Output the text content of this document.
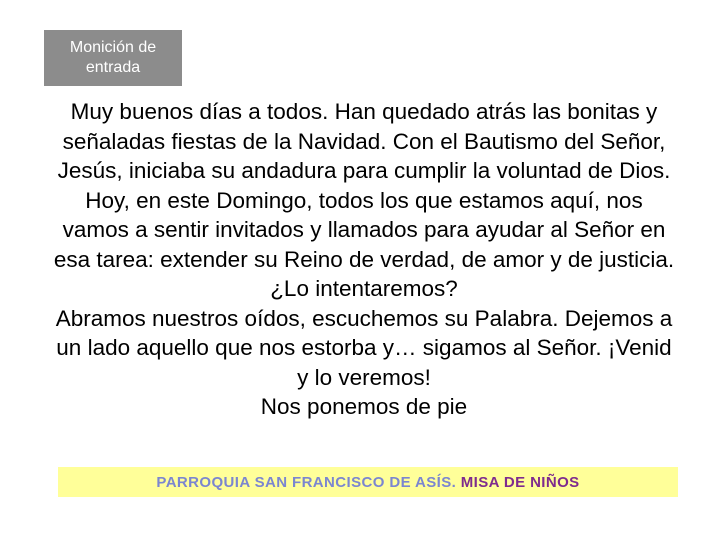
Monición de
entrada
Muy buenos días a todos. Han quedado atrás las bonitas y
señaladas fiestas de la Navidad. Con el Bautismo del Señor,
Jesús, iniciaba su andadura para cumplir la voluntad de Dios.
Hoy, en este Domingo, todos los que estamos aquí, nos
vamos a sentir invitados y llamados para ayudar al Señor en
esa tarea: extender su Reino de verdad, de amor y de justicia.
¿Lo intentaremos?
Abramos nuestros oídos, escuchemos su Palabra. Dejemos a
un lado aquello que nos estorba y… sigamos al Señor. ¡Venid
y lo veremos!
Nos ponemos de pie
PARROQUIA SAN FRANCISCO DE ASÍS.
MISA DE NIÑOS
